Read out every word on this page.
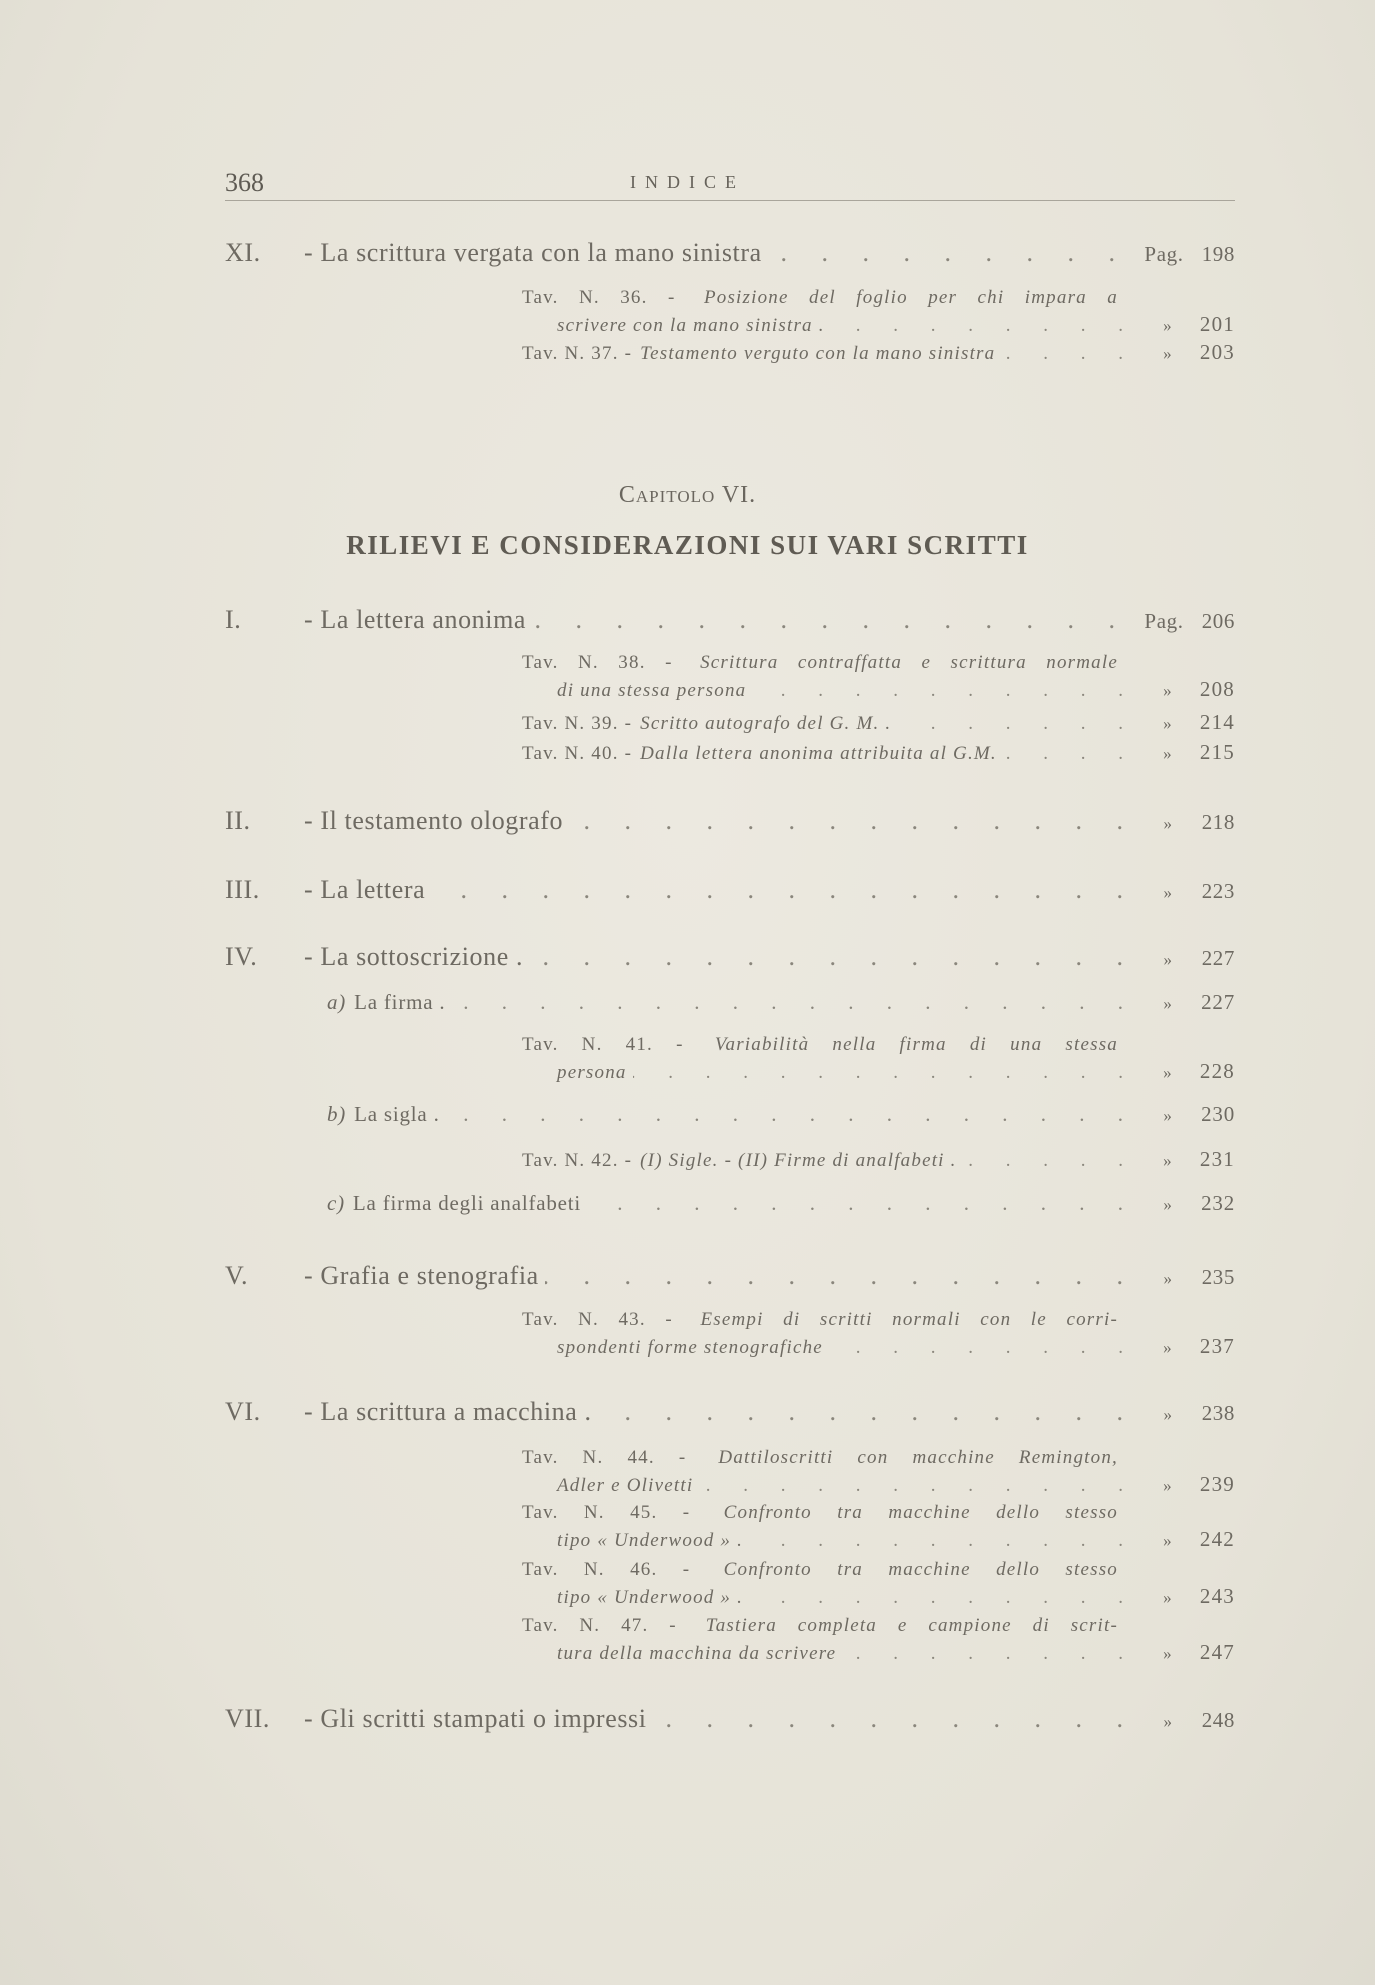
368	INDICE
Capitolo VI.
RILIEVI E CONSIDERAZIONI SUI VARI SCRITTI
XI.	- La scrittura vergata con la mano sinistra . . .	Pag. 198
Tav. N. 36. - Posizione del foglio per chi impara a
scrivere con la mano sinistra . . . .	»	201
Tav. N. 37. - Testamento verguto con la mano sinistra . . .	»	203
I.	- La lettera anonima . . .	Pag. 206
Tav. N. 38. - Scrittura contraffatta e scrittura normale
di una stessa persona . . .	»	208
Tav. N. 39. - Scritto autografo del G. M. . . . .	»	214
Tav. N. 40. - Dalla lettera anonima attribuita al G.M. . . .	»	215
II.	- Il testamento olografo . . .	»	218
III.	- La lettera . . .	»	223
IV.	- La sottoscrizione . . . .	»	227
a) La firma . . . .	»	227
Tav. N. 41. - Variabilità nella firma di una stessa
persona . . .	»	228
b) La sigla . . . .	»	230
Tav. N. 42. - (I) Sigle. - (II) Firme di analfabeti . . . .	»	231
c) La firma degli analfabeti . . .	»	232
V.	- Grafia e stenografia . . .	»	235
Tav. N. 43. - Esempi di scritti normali con le corri-
spondenti forme stenografiche . . .	»	237
VI.	- La scrittura a macchina . . . .	»	238
Tav. N. 44. - Dattiloscritti con macchine Remington,
Adler e Olivetti . . .	»	239
Tav. N. 45. - Confronto tra macchine dello stesso
tipo « Underwood » . . . .	»	242
Tav. N. 46. - Confronto tra macchine dello stesso
tipo « Underwood » . . . .	»	243
Tav. N. 47. - Tastiera completa e campione di scrit-
tura della macchina da scrivere . . .	»	247
VII.	- Gli scritti stampati o impressi . . .	»	248
